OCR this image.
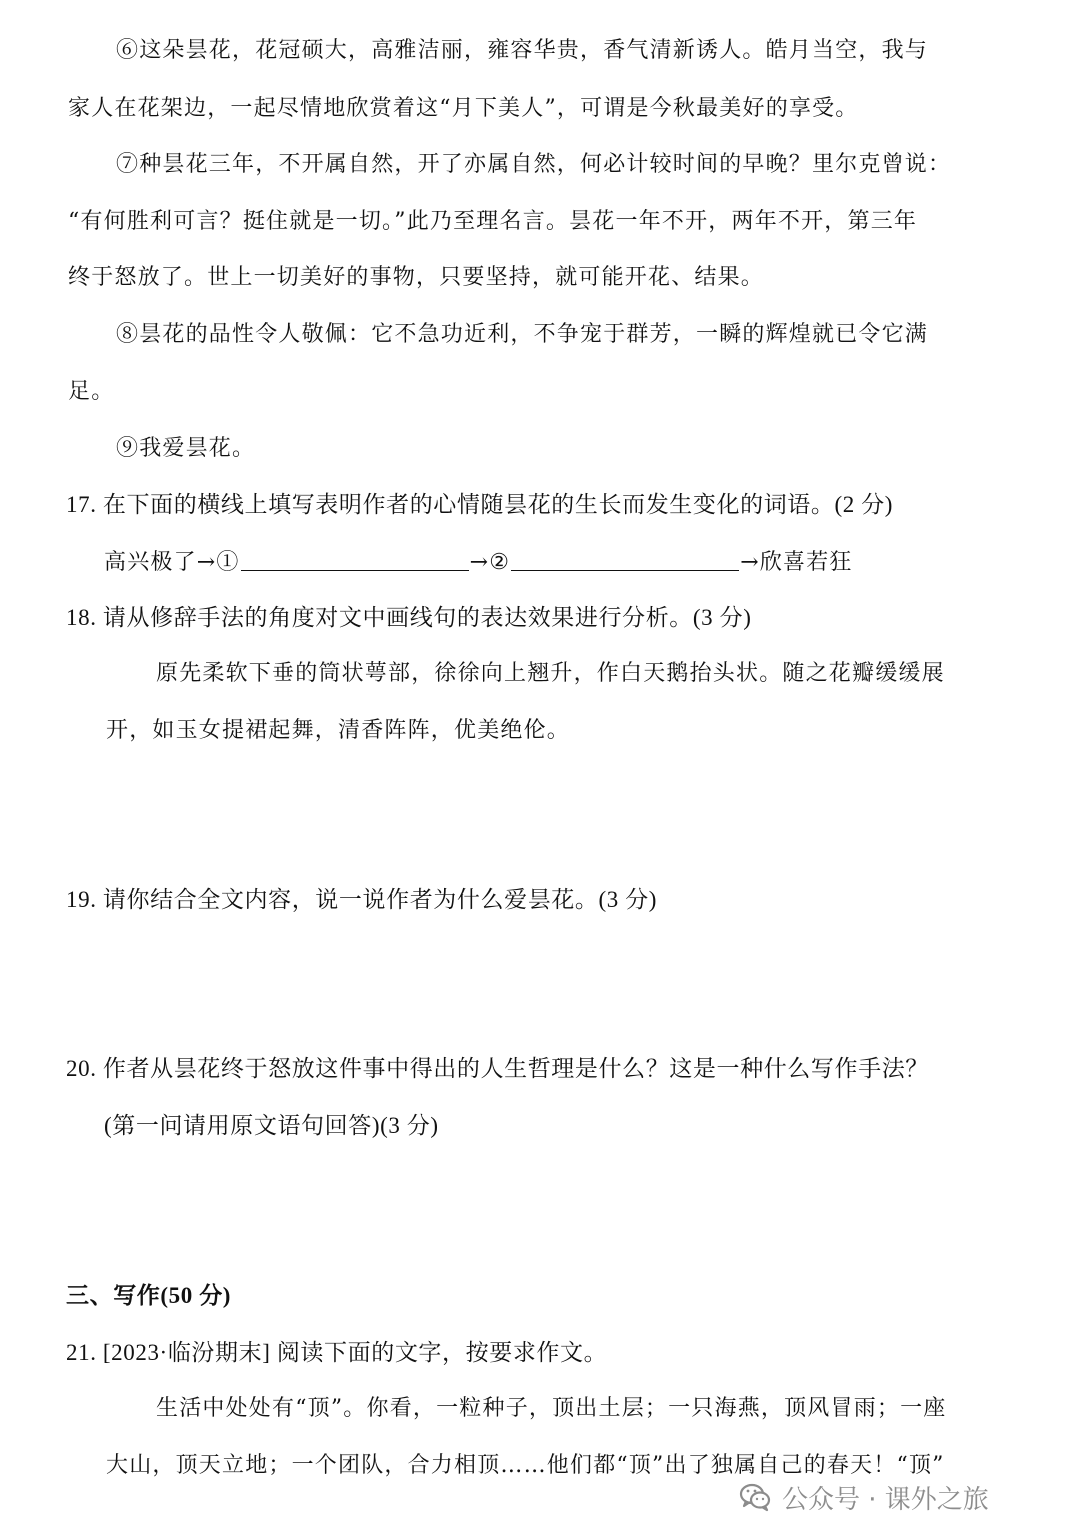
⑥这朵昙花，花冠硕大，高雅洁丽，雍容华贵，香气清新诱人。皓月当空，我与
家人在花架边，一起尽情地欣赏着这“月下美人”，可谓是今秋最美好的享受。
⑦种昙花三年，不开属自然，开了亦属自然，何必计较时间的早晚？里尔克曾说：
“有何胜利可言？挺住就是一切。”此乃至理名言。昙花一年不开，两年不开，第三年
终于怒放了。世上一切美好的事物，只要坚持，就可能开花、结果。
⑧昙花的品性令人敬佩：它不急功近利，不争宠于群芳，一瞬的辉煌就已令它满
足。
⑨我爱昙花。
17. 在下面的横线上填写表明作者的心情随昙花的生长而发生变化的词语。(2 分)
高兴极了→①	→②	→欣喜若狂
18. 请从修辞手法的角度对文中画线句的表达效果进行分析。(3 分)
原先柔软下垂的筒状萼部，徐徐向上翘升，作白天鹅抬头状。随之花瓣缓缓展
开，如玉女提裙起舞，清香阵阵，优美绝伦。
19. 请你结合全文内容，说一说作者为什么爱昙花。(3 分)
20. 作者从昙花终于怒放这件事中得出的人生哲理是什么？这是一种什么写作手法？
(第一问请用原文语句回答)(3 分)
三、写作(50 分)
21. [2023·临汾期末] 阅读下面的文字，按要求作文。
生活中处处有“顶”。你看，一粒种子，顶出土层；一只海燕，顶风冒雨；一座
大山，顶天立地；一个团队，合力相顶……他们都“顶”出了独属自己的春天！“顶”
公众号 · 课外之旅
